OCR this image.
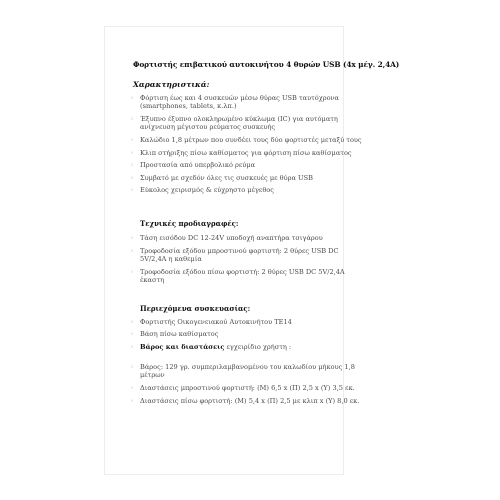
Φορτιστής επιβατικού αυτοκινήτου 4 θυρών USB (4x μέγ. 2,4A)
Χαρακτηριστικά:
◦ Φόρτιση έως και 4 συσκευών μέσω θύρας USB ταυτόχρονα
(smartphones, tablets, κ.λπ.)
◦ Έξυπνο έξυπνο ολοκληρωμένο κύκλωμα (IC) για αυτόματη
ανίχνευση μέγιστου ρεύματος συσκευής
◦ Καλώδιο 1,8 μέτρων που συνδέει τους δύο φορτιστές μεταξύ τους
◦ Κλιπ στήριξης πίσω καθίσματος για φόρτιση πίσω καθίσματος
◦ Προστασία από υπερβολικό ρεύμα
◦ Συμβατό με σχεδόν όλες τις συσκευές με θύρα USB
◦ Εύκολος χειρισμός & εύχρηστο μέγεθος
Τεχνικές προδιαγραφές:
◦ Τάση εισόδου DC 12-24V υποδοχή αναπτήρα τσιγάρου
◦ Τροφοδοσία εξόδου μπροστινού φορτιστή: 2 θύρες USB DC
5V/2,4A η καθεμία
◦ Τροφοδοσία εξόδου πίσω φορτιστή: 2 θύρες USB DC 5V/2,4A
έκαστη
Περιεχόμενα συσκευασίας:
◦ Φορτιστής Οικογενειακού Αυτοκινήτου TE14
◦ Βάση πίσω καθίσματος
◦ Βάρος και διαστάσεις εγχειρίδιο χρήστη :
◦ Βάρος: 129 γρ. συμπεριλαμβανομένου του καλωδίου μήκους 1,8
μέτρων
◦ Διαστάσεις μπροστινού φορτιστή: (Μ) 6,5 x (Π) 2,5 x (Υ) 3,5 εκ.
◦ Διαστάσεις πίσω φορτιστή: (Μ) 5,4 x (Π) 2,5 με κλιπ x (Υ) 8,0 εκ.
